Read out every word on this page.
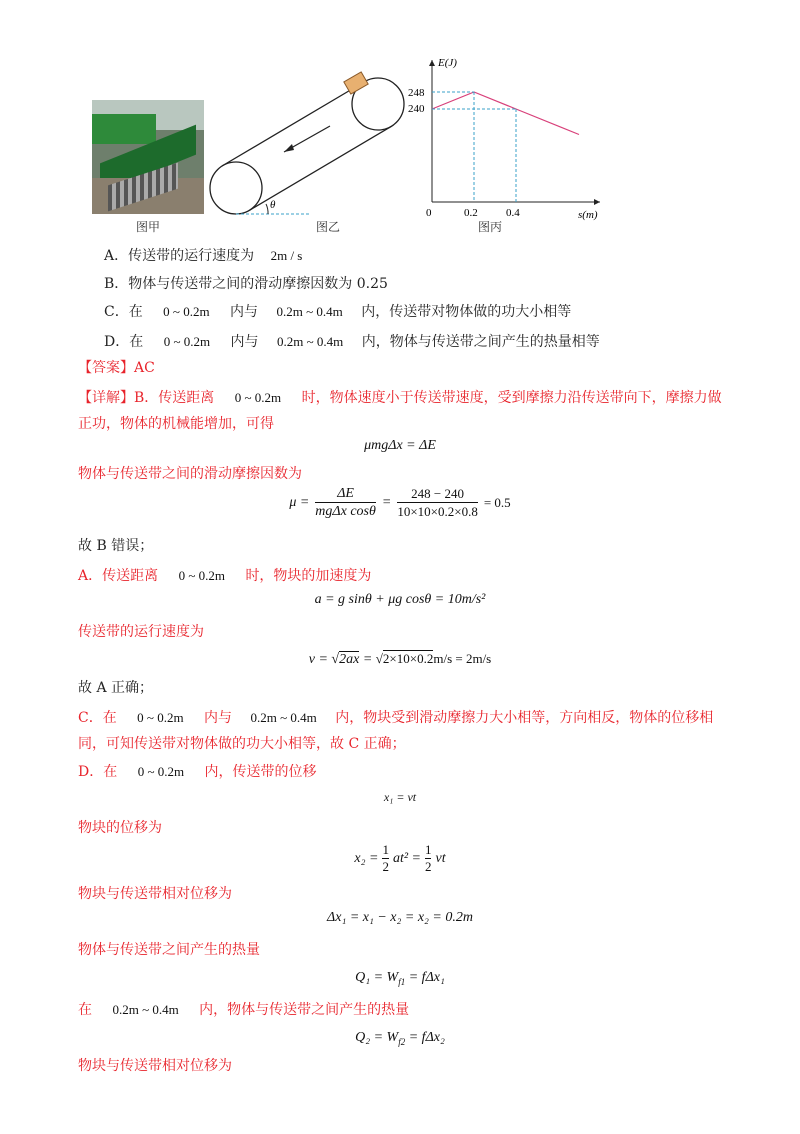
图甲
θ
图乙
E(J)
s(m)
0
248
240
0.2	0.4
图丙
A．传送带的运行速度为 2m / s
B．物体与传送带之间的滑动摩擦因数为 0.25
C．在 0 ~ 0.2m 内与 0.2m ~ 0.4m 内，传送带对物体做的功大小相等
D．在 0 ~ 0.2m 内与 0.2m ~ 0.4m 内，物体与传送带之间产生的热量相等
【答案】AC
【详解】B．传送距离 0 ~ 0.2m 时，物体速度小于传送带速度，受到摩擦力沿传送带向下，摩擦力做
正功，物体的机械能增加，可得
μmgΔx = ΔE
物体与传送带之间的滑动摩擦因数为
μ =
ΔE
mgΔx cosθ
= $\frac{248 - 240}{10\times 10\times 0.2\times 0.8} = 0.5$
故 B 错误；
A．传送距离 0 ~ 0.2m 时，物块的加速度为
a = g sinθ + μg cosθ = 10m/s²
传送带的运行速度为
v = √2ax = √2×10×0.2m/s = 2m/s
故 A 正确；
C．在 0 ~ 0.2m 内与 0.2m ~ 0.4m 内，物块受到滑动摩擦力大小相等，方向相反，物体的位移相
同，可知传送带对物体做的功大小相等，故 C 正确；
D．在 0 ~ 0.2m 内，传送带的位移
x₁ = vt
物块的位移为
$x_2 = \frac{1}{2} at^2 = \frac{1}{2}$ vt
物块与传送带相对位移为
Δx₁ = x₁ − x₂ = x₂ = 0.2m
物体与传送带之间产生的热量
$Q_1 = W_{f1} = f\Delta x_1$
在 0.2m ~ 0.4m 内，物体与传送带之间产生的热量
$Q_2 = W_{f2} = f\Delta x_2$
物块与传送带相对位移为
